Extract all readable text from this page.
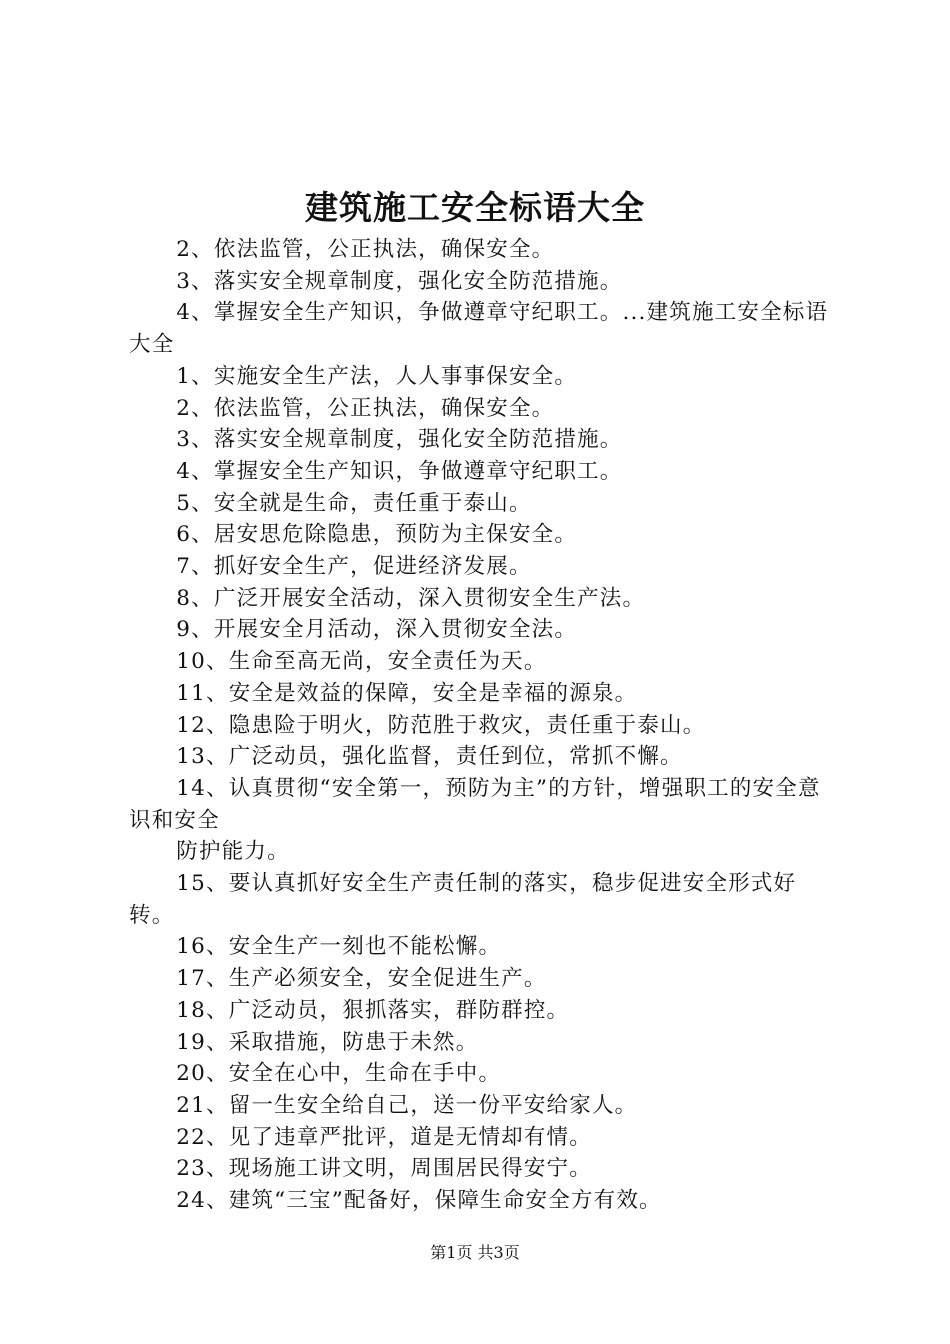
建筑施工安全标语大全

2、依法监管，公正执法，确保安全。

3、落实安全规章制度，强化安全防范措施。

4、掌握安全生产知识，争做遵章守纪职工。...建筑施工安全标语大全

1、实施安全生产法，人人事事保安全。

2、依法监管，公正执法，确保安全。

3、落实安全规章制度，强化安全防范措施。

4、掌握安全生产知识，争做遵章守纪职工。

5、安全就是生命，责任重于泰山。

6、居安思危除隐患，预防为主保安全。

7、抓好安全生产，促进经济发展。

8、广泛开展安全活动，深入贯彻安全生产法。

9、开展安全月活动，深入贯彻安全法。

10、生命至高无尚，安全责任为天。

11、安全是效益的保障，安全是幸福的源泉。

12、隐患险于明火，防范胜于救灾，责任重于泰山。

13、广泛动员，强化监督，责任到位，常抓不懈。

14、认真贯彻“安全第一，预防为主”的方针，增强职工的安全意识和安全

防护能力。

15、要认真抓好安全生产责任制的落实，稳步促进安全形式好转。

16、安全生产一刻也不能松懈。

17、生产必须安全，安全促进生产。

18、广泛动员，狠抓落实，群防群控。

19、采取措施，防患于未然。

20、安全在心中，生命在手中。

21、留一生安全给自己，送一份平安给家人。

22、见了违章严批评，道是无情却有情。

23、现场施工讲文明，周围居民得安宁。

24、建筑“三宝”配备好，保障生命安全方有效。

第1页 共3页
